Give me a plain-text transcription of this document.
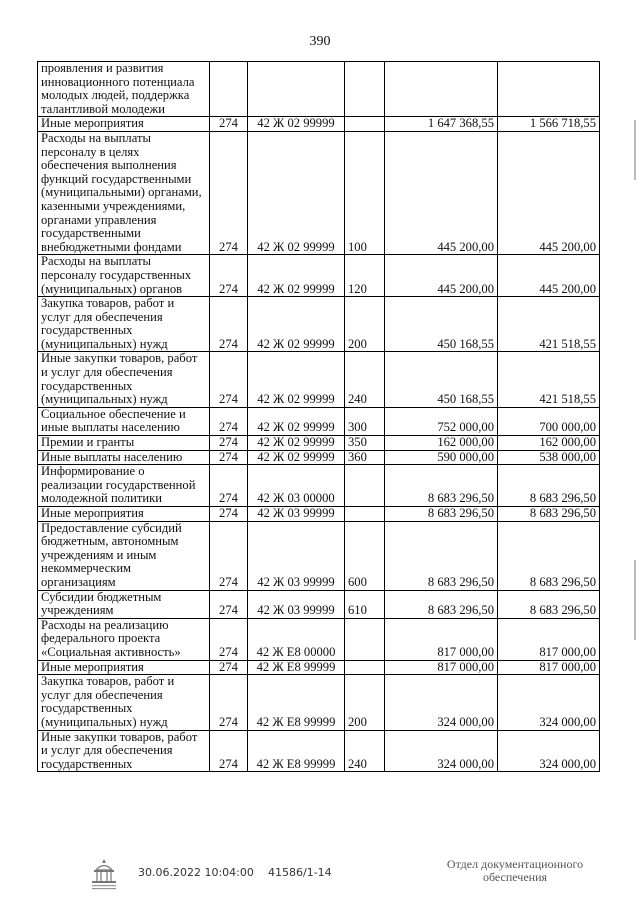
390
проявления и развития инновационного потенциала молодых людей, поддержка талантливой молодежи					
Иные мероприятия	274	42 Ж 02 99999		1 647 368,55	1 566 718,55
Расходы на выплаты персоналу в целях обеспечения выполнения функций государственными (муниципальными) органами, казенными учреждениями, органами управления государственными внебюджетными фондами	274	42 Ж 02 99999	100	445 200,00	445 200,00
Расходы на выплаты персоналу государственных (муниципальных) органов	274	42 Ж 02 99999	120	445 200,00	445 200,00
Закупка товаров, работ и услуг для обеспечения государственных (муниципальных) нужд	274	42 Ж 02 99999	200	450 168,55	421 518,55
Иные закупки товаров, работ и услуг для обеспечения государственных (муниципальных) нужд	274	42 Ж 02 99999	240	450 168,55	421 518,55
Социальное обеспечение и иные выплаты населению	274	42 Ж 02 99999	300	752 000,00	700 000,00
Премии и гранты	274	42 Ж 02 99999	350	162 000,00	162 000,00
Иные выплаты населению	274	42 Ж 02 99999	360	590 000,00	538 000,00
Информирование о реализации государственной молодежной политики	274	42 Ж 03 00000		8 683 296,50	8 683 296,50
Иные мероприятия	274	42 Ж 03 99999		8 683 296,50	8 683 296,50
Предоставление субсидий бюджетным, автономным учреждениям и иным некоммерческим организациям	274	42 Ж 03 99999	600	8 683 296,50	8 683 296,50
Субсидии бюджетным учреждениям	274	42 Ж 03 99999	610	8 683 296,50	8 683 296,50
Расходы на реализацию федерального проекта «Социальная активность»	274	42 Ж E8 00000		817 000,00	817 000,00
Иные мероприятия	274	42 Ж E8 99999		817 000,00	817 000,00
Закупка товаров, работ и услуг для обеспечения государственных (муниципальных) нужд	274	42 Ж E8 99999	200	324 000,00	324 000,00
Иные закупки товаров, работ и услуг для обеспечения государственных	274	42 Ж E8 99999	240	324 000,00	324 000,00
30.06.2022 10:04:00 41586/1-14
Отдел документационного обеспечения
